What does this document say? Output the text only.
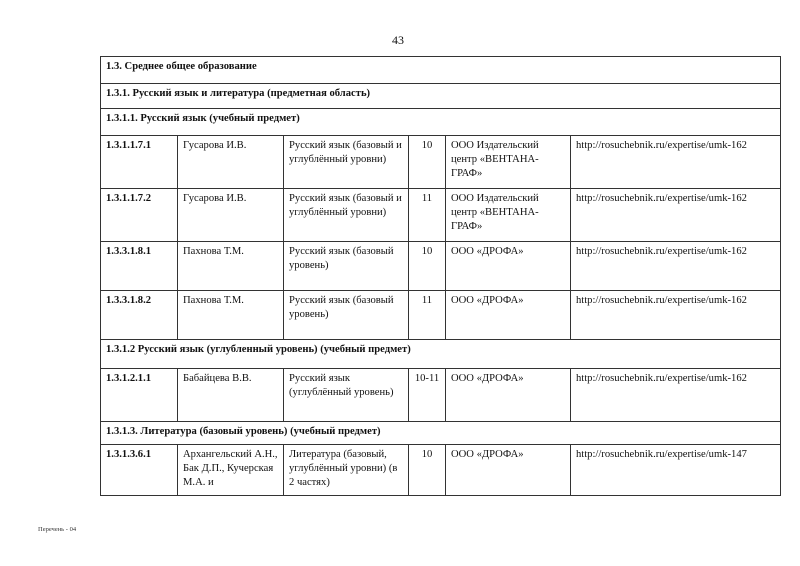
43
1.3. Среднее общее образование					
1.3.1. Русский язык и литература (предметная область)					
1.3.1.1. Русский язык (учебный предмет)					
1.3.1.1.7.1	Гусарова И.В.	Русский язык (базовый и углублённый уровни)	10	ООО Издательский центр «ВЕНТАНА-ГРАФ»	http://rosuchebnik.ru/expertise/umk-162
1.3.1.1.7.2	Гусарова И.В.	Русский язык (базовый и углублённый уровни)	11	ООО Издательский центр «ВЕНТАНА-ГРАФ»	http://rosuchebnik.ru/expertise/umk-162
1.3.3.1.8.1	Пахнова Т.М.	Русский язык (базовый уровень)	10	ООО «ДРОФА»	http://rosuchebnik.ru/expertise/umk-162
1.3.3.1.8.2	Пахнова Т.М.	Русский язык (базовый уровень)	11	ООО «ДРОФА»	http://rosuchebnik.ru/expertise/umk-162
1.3.1.2 Русский язык (углубленный уровень) (учебный предмет)					
1.3.1.2.1.1	Бабайцева В.В.	Русский язык (углублённый уровень)	10-11	ООО «ДРОФА»	http://rosuchebnik.ru/expertise/umk-162
1.3.1.3. Литература (базовый уровень) (учебный предмет)					
1.3.1.3.6.1	Архангельский А.Н., Бак Д.П., Кучерская М.А. и	Литература (базовый, углублённый уровни) (в 2 частях)	10	ООО «ДРОФА»	http://rosuchebnik.ru/expertise/umk-147
Перечень - 04
